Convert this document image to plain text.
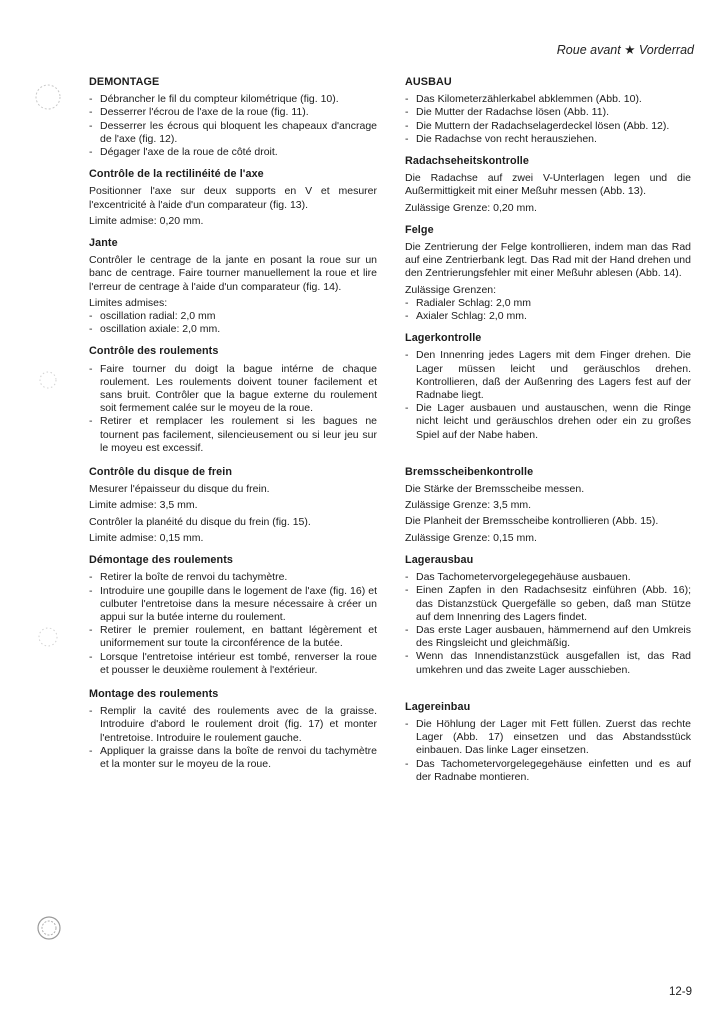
Roue avant ★ Vorderrad
DEMONTAGE
- Débrancher le fil du compteur kilométrique (fig. 10).
- Desserrer l'écrou de l'axe de la roue (fig. 11).
- Desserrer les écrous qui bloquent les chapeaux d'ancrage de l'axe (fig. 12).
- Dégager l'axe de la roue de côté droit.
Contrôle de la rectilinéité de l'axe

Positionner l'axe sur deux supports en V et mesurer l'excentricité à l'aide d'un comparateur (fig. 13).

Limite admise: 0,20 mm.

Jante

Contrôler le centrage de la jante en posant la roue sur un banc de centrage. Faire tourner manuellement la roue et lire l'erreur de centrage à l'aide d'un comparateur (fig. 14).

Limites admises:

- oscillation radial: 2,0 mm
- oscillation axiale: 2,0 mm.
Contrôle des roulements
- Faire tourner du doigt la bague intérne de chaque roulement. Les roulements doivent touner facilement et sans bruit. Contrôler que la bague externe du roulement soit fermement calée sur le moyeu de la roue.
- Retirer et remplacer les roulement si les bagues ne tournent pas facilement, silencieusement ou si leur jeu sur le moyeu est excessif.
Contrôle du disque de frein

Mesurer l'épaisseur du disque du frein.

Limite admise: 3,5 mm.

Contrôler la planéité du disque du frein (fig. 15).

Limite admise: 0,15 mm.

Démontage des roulements
- Retirer la boîte de renvoi du tachymètre.
- Introduire une goupille dans le logement de l'axe (fig. 16) et culbuter l'entretoise dans la mesure nécessaire à créer un appui sur la butée interne du roulement.
- Retirer le premier roulement, en battant légèrement et uniformement sur toute la circonférence de la butée.
- Lorsque l'entretoise intérieur est tombé, renverser la roue et pousser le deuxième roulement à l'extérieur.
Montage des roulements
- Remplir la cavité des roulements avec de la graisse. Introduire d'abord le roulement droit (fig. 17) et monter l'entretoise. Introduire le roulement gauche.
- Appliquer la graisse dans la boîte de renvoi du tachymètre et la monter sur le moyeu de la roue.
AUSBAU
- Das Kilometerzählerkabel abklemmen (Abb. 10).
- Die Mutter der Radachse lösen (Abb. 11).
- Die Muttern der Radachselagerdeckel lösen (Abb. 12).
- Die Radachse von recht herausziehen.
Radachseheitskontrolle

Die Radachse auf zwei V-Unterlagen legen und die Außermittigkeit mit einer Meßuhr messen (Abb. 13).

Zulässige Grenze: 0,20 mm.

Felge

Die Zentrierung der Felge kontrollieren, indem man das Rad auf eine Zentrierbank legt. Das Rad mit der Hand drehen und den Zentrierungsfehler mit einer Meßuhr ablesen (Abb. 14).

Zulässige Grenzen:

- Radialer Schlag: 2,0 mm
- Axialer Schlag: 2,0 mm.
Lagerkontrolle
- Den Innenring jedes Lagers mit dem Finger drehen. Die Lager müssen leicht und geräuschlos drehen. Kontrollieren, daß der Außenring des Lagers fest auf der Radnabe liegt.
- Die Lager ausbauen und austauschen, wenn die Ringe nicht leicht und geräuschlos drehen oder ein zu großes Spiel auf der Nabe haben.
Bremsscheibenkontrolle

Die Stärke der Bremsscheibe messen.

Zulässige Grenze: 3,5 mm.

Die Planheit der Bremsscheibe kontrollieren (Abb. 15).

Zulässige Grenze: 0,15 mm.

Lagerausbau
- Das Tachometervorgelegegehäuse ausbauen.
- Einen Zapfen in den Radachsesitz einführen (Abb. 16); das Distanzstück Quergefälle so geben, daß man Stütze auf dem Innenring des Lagers findet.
- Das erste Lager ausbauen, hämmernend auf den Umkreis des Ringsleicht und gleichmäßig.
- Wenn das Innendistanzstück ausgefallen ist, das Rad umkehren und das zweite Lager ausschieben.
Lagereinbau
- Die Höhlung der Lager mit Fett füllen. Zuerst das rechte Lager (Abb. 17) einsetzen und das Abstandsstück einbauen. Das linke Lager einsetzen.
- Das Tachometervorgelegegehäuse einfetten und es auf der Radnabe montieren.
12-9
